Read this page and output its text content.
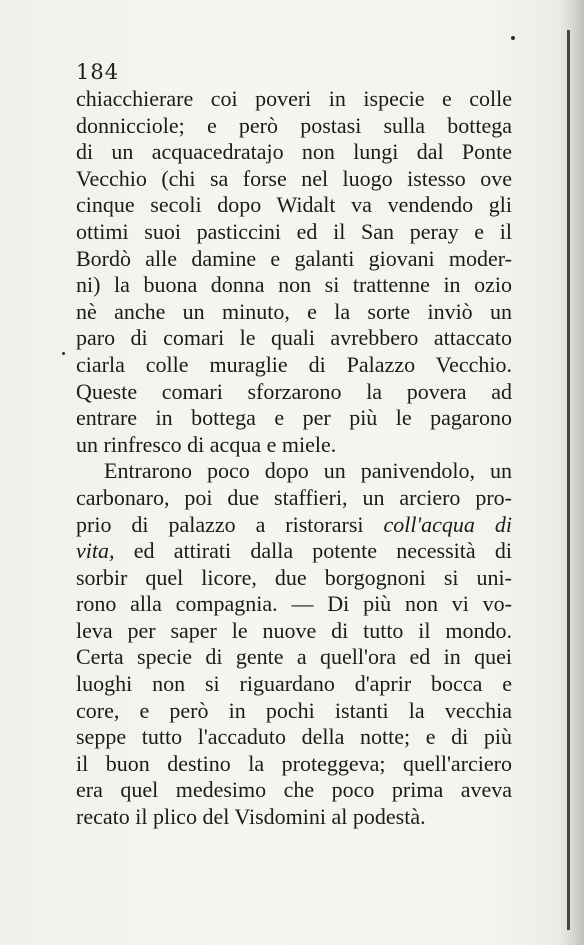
184
chiacchierare coi poveri in ispecie e colle
donnicciole; e però postasi sulla bottega
di un acquacedratajo non lungi dal Ponte
Vecchio (chi sa forse nel luogo istesso ove
cinque secoli dopo Widalt va vendendo gli
ottimi suoi pasticcini ed il San peray e il
Bordò alle damine e galanti giovani moder-
ni) la buona donna non si trattenne in ozio
nè anche un minuto, e la sorte inviò un
paro di comari le quali avrebbero attaccato
ciarla colle muraglie di Palazzo Vecchio.
Queste comari sforzarono la povera ad
entrare in bottega e per più le pagarono
un rinfresco di acqua e miele.
Entrarono poco dopo un panivendolo, un
carbonaro, poi due staffieri, un arciero pro-
prio di palazzo a ristorarsi coll'acqua di
vita, ed attirati dalla potente necessità di
sorbir quel licore, due borgognoni si uni-
rono alla compagnia. — Di più non vi vo-
leva per saper le nuove di tutto il mondo.
Certa specie di gente a quell'ora ed in quei
luoghi non si riguardano d'aprir bocca e
core, e però in pochi istanti la vecchia
seppe tutto l'accaduto della notte; e di più
il buon destino la proteggeva; quell'arciero
era quel medesimo che poco prima aveva
recato il plico del Visdomini al podestà.
